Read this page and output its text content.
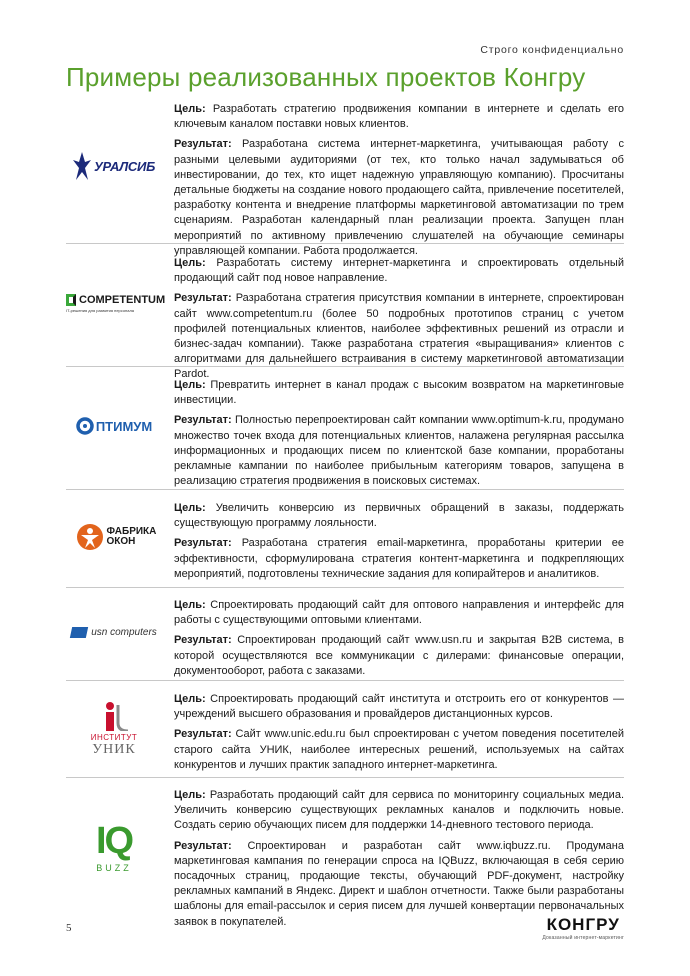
Строго конфиденциально
Примеры реализованных проектов Конгру
УРАЛСИБ

Цель: Разработать стратегию продвижения компании в интернете и сделать его ключевым каналом поставки новых клиентов.

Результат: Разработана система интернет-маркетинга, учитывающая работу с разными целевыми аудиториями (от тех, кто только начал задумываться об инвестировании, до тех, кто ищет надежную управляющую компанию). Просчитаны детальные бюджеты на создание нового продающего сайта, привлечение посетителей, разработку контента и внедрение платформы маркетинговой автоматизации по трем сценариям. Разработан календарный план реализации проекта. Запущен план мероприятий по активному привлечению слушателей на обучающие семинары управляющей компании. Работа продолжается.

COMPETENTUM
IT-решения для развития персонала

Цель: Разработать систему интернет-маркетинга и спроектировать отдельный продающий сайт под новое направление.

Результат: Разработана стратегия присутствия компании в интернете, спроектирован сайт www.competentum.ru (более 50 подробных прототипов страниц с учетом профилей потенциальных клиентов, наиболее эффективных решений из отрасли и бизнес-задач компании). Также разработана стратегия «выращивания» клиентов с алгоритмами для дальнейшего встраивания в систему маркетинговой автоматизации Pardot.

ПТИМУМ

Цель: Превратить интернет в канал продаж с высоким возвратом на маркетинговые инвестиции.

Результат: Полностью перепроектирован сайт компании www.optimum-k.ru, продумано множество точек входа для потенциальных клиентов, налажена регулярная рассылка информационных и продающих писем по клиентской базе компании, проработаны рекламные кампании по наиболее прибыльным категориям товаров, запущена в реализацию стратегия продвижения в поисковых системах.

ФАБРИКА ОКОН

Цель: Увеличить конверсию из первичных обращений в заказы, поддержать существующую программу лояльности.

Результат: Разработана стратегия email-маркетинга, проработаны критерии ее эффективности, сформулирована стратегия контент-маркетинга и подкрепляющих мероприятий, подготовлены технические задания для копирайтеров и аналитиков.

usn computers

Цель: Спроектировать продающий сайт для оптового направления и интерфейс для работы с существующими оптовыми клиентами.

Результат: Спроектирован продающий сайт www.usn.ru и закрытая B2B система, в которой осуществляются все коммуникации с дилерами: финансовые операции, документооборот, работа с заказами.

ИНСТИТУТ
УНИК

Цель: Спроектировать продающий сайт института и отстроить его от конкурентов — учреждений высшего образования и провайдеров дистанционных курсов.

Результат: Сайт www.unic.edu.ru был спроектирован с учетом поведения посетителей старого сайта УНИК, наиболее интересных решений, используемых на сайтах конкурентов и лучших практик западного интернет-маркетинга.

IQ
BUZZ

Цель: Разработать продающий сайт для сервиса по мониторингу социальных медиа. Увеличить конверсию существующих рекламных каналов и подключить новые. Создать серию обучающих писем для поддержки 14-дневного тестового периода.

Результат: Спроектирован и разработан сайт www.iqbuzz.ru. Продумана маркетинговая кампания по генерации спроса на IQBuzz, включающая в себя серию посадочных страниц, продающие тексты, обучающий PDF-документ, настройку рекламных кампаний в Яндекс. Директ и шаблон отчетности. Также были разработаны шаблоны для email-рассылок и серия писем для лучшей конвертации первоначальных заявок в покупателей.

5	КОНГРУ
Доказанный интернет-маркетинг
